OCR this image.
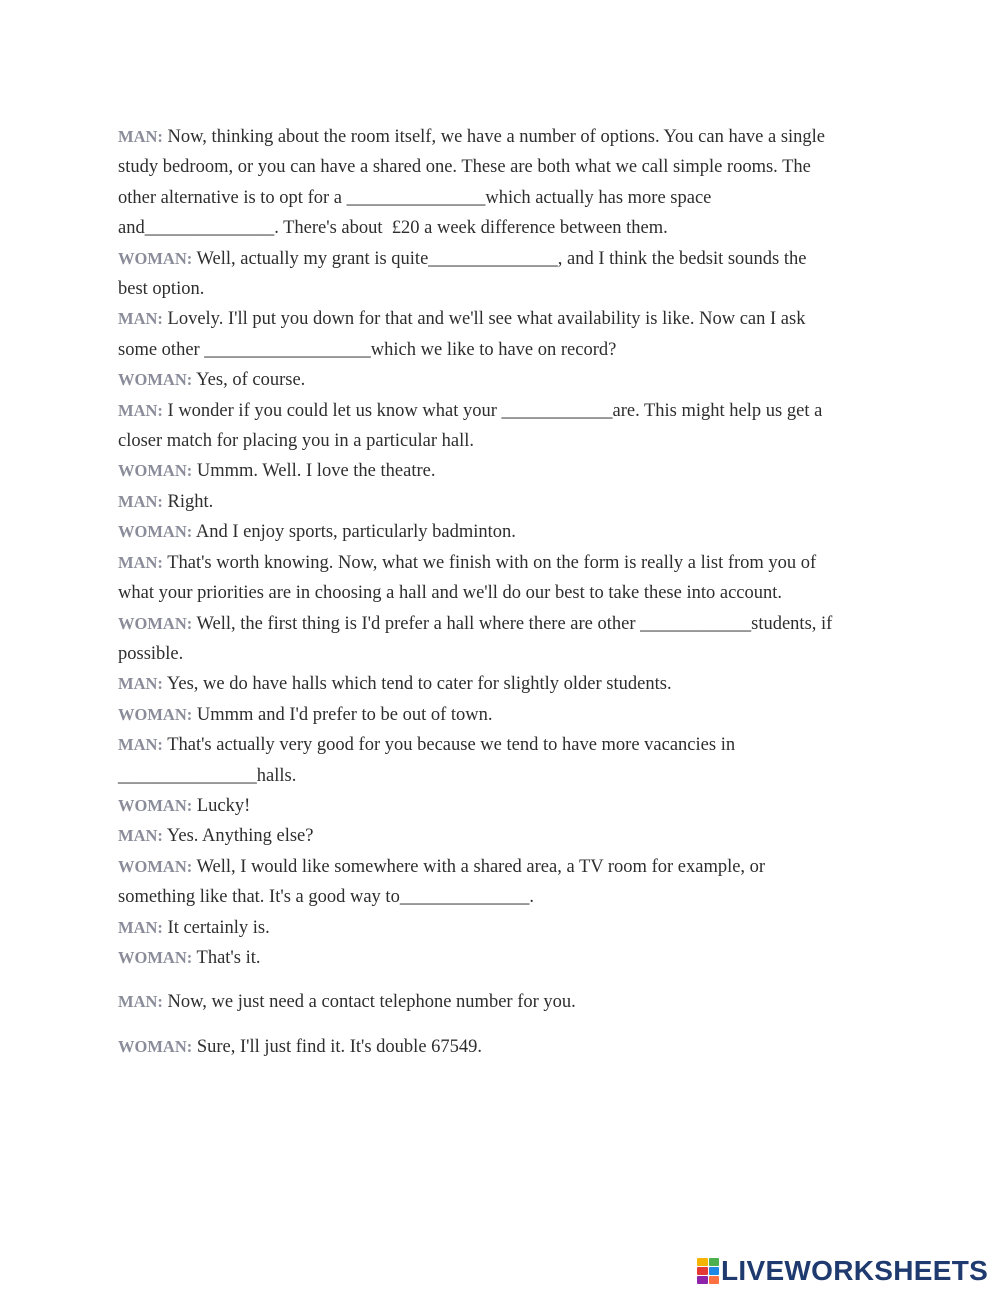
MAN: Now, thinking about the room itself, we have a number of options. You can have a single

study bedroom, or you can have a shared one. These are both what we call simple rooms. The

other alternative is to opt for a _______________which actually has more space

and______________. There's about  £20 a week difference between them.

WOMAN: Well, actually my grant is quite______________, and I think the bedsit sounds the

best option.

MAN: Lovely. I'll put you down for that and we'll see what availability is like. Now can I ask

some other __________________which we like to have on record?

WOMAN: Yes, of course.

MAN: I wonder if you could let us know what your ____________are. This might help us get a

closer match for placing you in a particular hall.

WOMAN: Ummm. Well. I love the theatre.

MAN: Right.

WOMAN: And I enjoy sports, particularly badminton.

MAN: That's worth knowing. Now, what we finish with on the form is really a list from you of

what your priorities are in choosing a hall and we'll do our best to take these into account.

WOMAN: Well, the first thing is I'd prefer a hall where there are other ____________students, if

possible.

MAN: Yes, we do have halls which tend to cater for slightly older students.

WOMAN: Ummm and I'd prefer to be out of town.

MAN: That's actually very good for you because we tend to have more vacancies in

_______________halls.

WOMAN: Lucky!

MAN: Yes. Anything else?

WOMAN: Well, I would like somewhere with a shared area, a TV room for example, or

something like that. It's a good way to______________.

MAN: It certainly is.

WOMAN: That's it.

MAN: Now, we just need a contact telephone number for you.

WOMAN: Sure, I'll just find it. It's double 67549.

LIVEWORKSHEETS
